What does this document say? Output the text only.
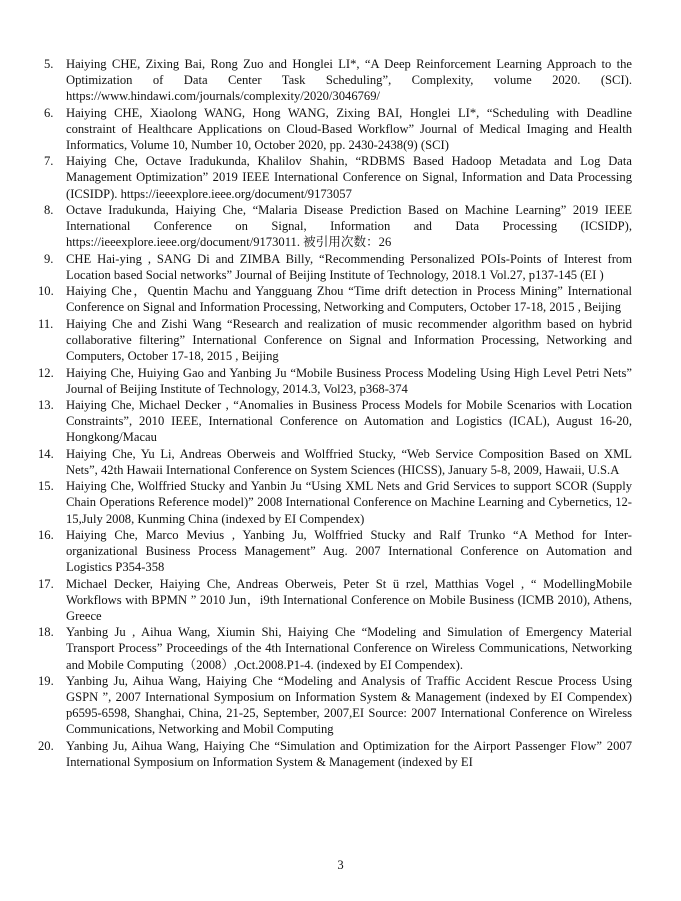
5. Haiying CHE, Zixing Bai, Rong Zuo and Honglei LI*, “A Deep Reinforcement Learning Approach to the Optimization of Data Center Task Scheduling”, Complexity, volume 2020. (SCI). https://www.hindawi.com/journals/complexity/2020/3046769/
6. Haiying CHE, Xiaolong WANG, Hong WANG, Zixing BAI, Honglei LI*, “Scheduling with Deadline constraint of Healthcare Applications on Cloud-Based Workflow” Journal of Medical Imaging and Health Informatics, Volume 10, Number 10, October 2020, pp. 2430-2438(9) (SCI)
7. Haiying Che, Octave Iradukunda, Khalilov Shahin, “RDBMS Based Hadoop Metadata and Log Data Management Optimization” 2019 IEEE International Conference on Signal, Information and Data Processing (ICSIDP). https://ieeexplore.ieee.org/document/9173057
8. Octave Iradukunda, Haiying Che, “Malaria Disease Prediction Based on Machine Learning” 2019 IEEE International Conference on Signal, Information and Data Processing (ICSIDP), https://ieeexplore.ieee.org/document/9173011. 被引用次数：26
9. CHE Hai-ying , SANG Di and ZIMBA Billy, “Recommending Personalized POIs-Points of Interest from Location based Social networks” Journal of Beijing Institute of Technology, 2018.1 Vol.27, p137-145 (EI )
10. Haiying Che，Quentin Machu and Yangguang Zhou “Time drift detection in Process Mining” International Conference on Signal and Information Processing, Networking and Computers, October 17-18, 2015 , Beijing
11.	Haiying Che and Zishi Wang “Research and realization of music recommender algorithm based on hybrid collaborative filtering” International Conference on Signal and Information Processing, Networking and Computers, October 17-18, 2015 , Beijing
12. Haiying Che, Huiying Gao and Yanbing Ju “Mobile Business Process Modeling Using High Level Petri Nets” Journal of Beijing Institute of Technology, 2014.3, Vol23, p368-374
13. Haiying Che, Michael Decker , “Anomalies in Business Process Models for Mobile Scenarios with Location Constraints”, 2010 IEEE, International Conference on Automation and Logistics (ICAL), August 16-20, Hongkong/Macau
14. Haiying Che, Yu Li, Andreas Oberweis and Wolffried Stucky, “Web Service Composition Based on XML Nets”, 42th Hawaii International Conference on System Sciences (HICSS), January 5-8, 2009, Hawaii, U.S.A
15. Haiying Che, Wolffried Stucky and Yanbin Ju “Using XML Nets and Grid Services to support SCOR (Supply Chain Operations Reference model)” 2008 International Conference on Machine Learning and Cybernetics, 12-15,July 2008, Kunming China (indexed by EI Compendex)
16. Haiying Che, Marco Mevius , Yanbing Ju, Wolffried Stucky and Ralf Trunko “A Method for Inter-organizational Business Process Management” Aug. 2007 International Conference on Automation and Logistics P354-358
17. Michael Decker, Haiying Che, Andreas Oberweis, Peter St ü rzel, Matthias Vogel , “ ModellingMobile Workflows with BPMN ” 2010 Jun，i9th International Conference on Mobile Business (ICMB 2010), Athens, Greece
18. Yanbing Ju , Aihua Wang, Xiumin Shi, Haiying Che “Modeling and Simulation of Emergency Material Transport Process” Proceedings of the 4th International Conference on Wireless Communications, Networking and Mobile Computing（2008）,Oct.2008.P1-4. (indexed by EI Compendex).
19. Yanbing Ju, Aihua Wang, Haiying Che “Modeling and Analysis of Traffic Accident Rescue Process Using GSPN ”, 2007 International Symposium on Information System & Management (indexed by EI Compendex) p6595-6598, Shanghai, China, 21-25, September, 2007,EI Source: 2007 International Conference on Wireless Communications, Networking and Mobil Computing
20. Yanbing Ju, Aihua Wang, Haiying Che “Simulation and Optimization for the Airport Passenger Flow” 2007 International Symposium on Information System & Management (indexed by EI
3
